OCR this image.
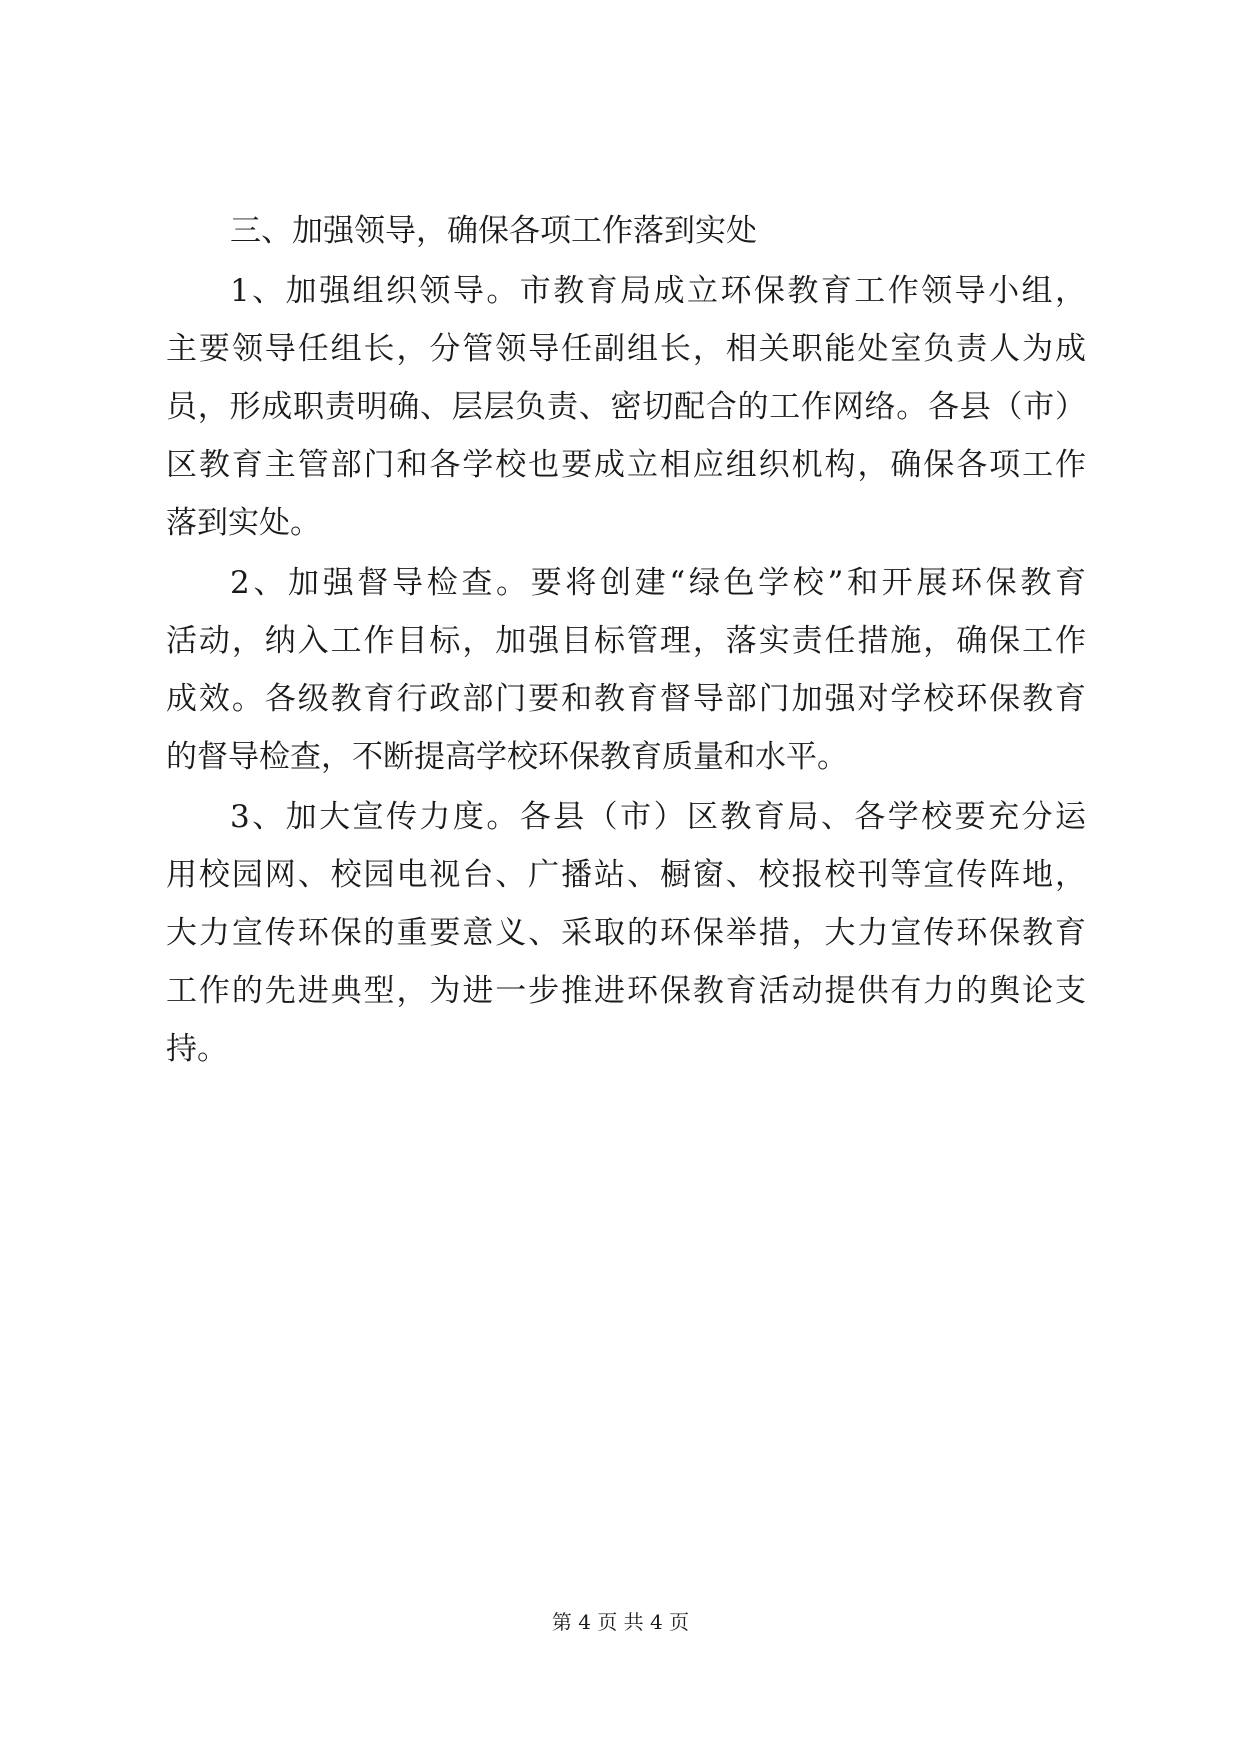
三、加强领导，确保各项工作落到实处
1、加强组织领导。市教育局成立环保教育工作领导小组，
主要领导任组长，分管领导任副组长，相关职能处室负责人为成
员，形成职责明确、层层负责、密切配合的工作网络。各县（市）
区教育主管部门和各学校也要成立相应组织机构，确保各项工作
落到实处。
2、加强督导检查。要将创建“绿色学校”和开展环保教育
活动，纳入工作目标，加强目标管理，落实责任措施，确保工作
成效。各级教育行政部门要和教育督导部门加强对学校环保教育
的督导检查，不断提高学校环保教育质量和水平。
3、加大宣传力度。各县（市）区教育局、各学校要充分运
用校园网、校园电视台、广播站、橱窗、校报校刊等宣传阵地，
大力宣传环保的重要意义、采取的环保举措，大力宣传环保教育
工作的先进典型，为进一步推进环保教育活动提供有力的舆论支
持。
第 4 页 共 4 页
